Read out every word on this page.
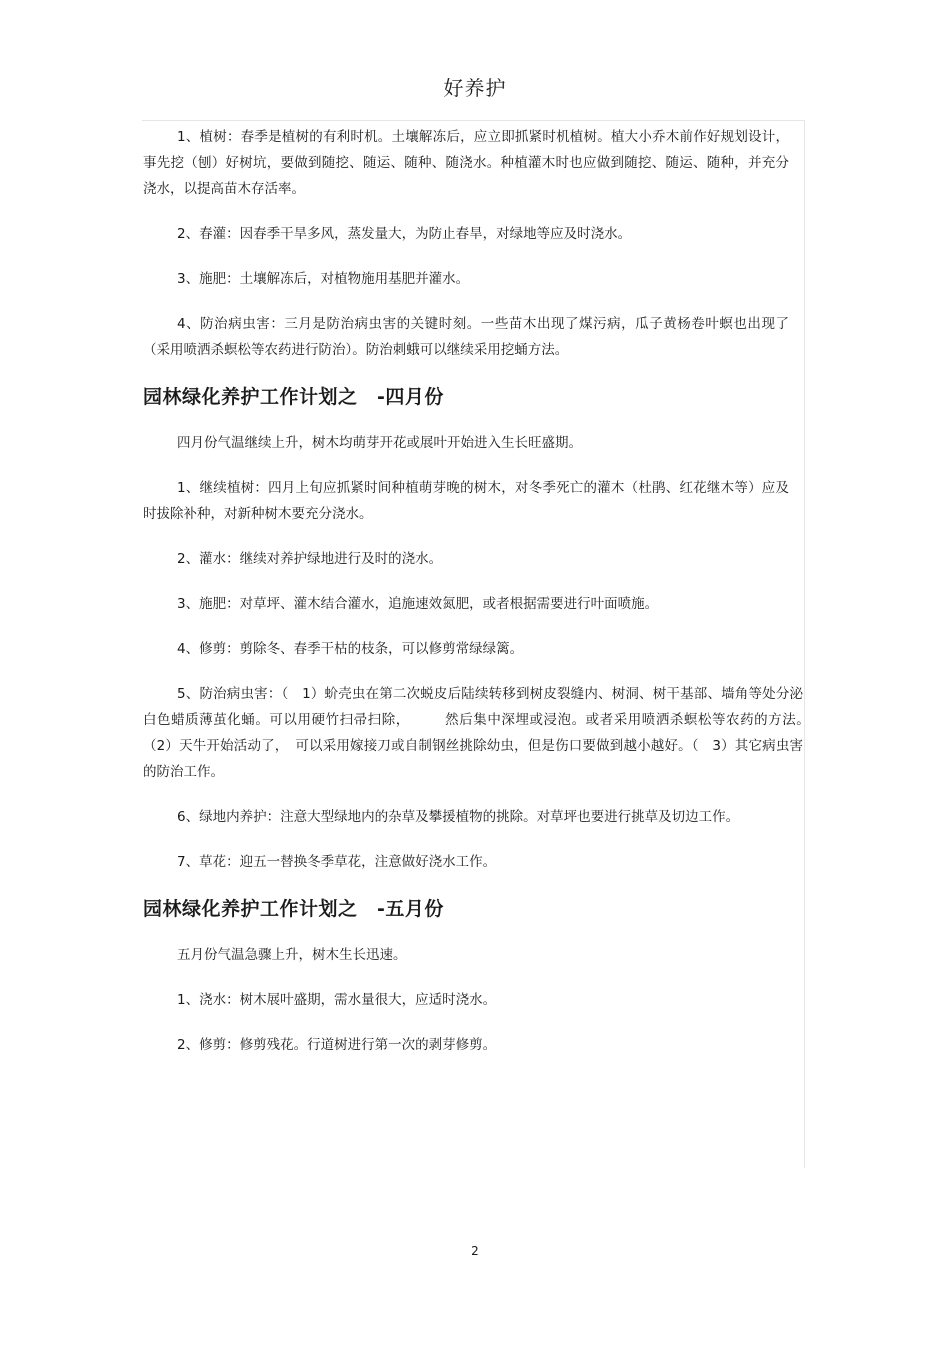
好养护

1、植树：春季是植树的有利时机。土壤解冻后，应立即抓紧时机植树。植大小乔木前作好规划设计，事先挖（刨）好树坑，要做到随挖、随运、随种、随浇水。种植灌木时也应做到随挖、随运、随种，并充分浇水，以提高苗木存活率。

2、春灌：因春季干旱多风，蒸发量大，为防止春旱，对绿地等应及时浇水。

3、施肥：土壤解冻后，对植物施用基肥并灌水。

4、防治病虫害：三月是防治病虫害的关键时刻。一些苗木出现了煤污病，瓜子黄杨卷叶螟也出现了（采用喷洒杀螟松等农药进行防治）。防治刺蛾可以继续采用挖蛹方法。

园林绿化养护工作计划之　-四月份

四月份气温继续上升，树木均萌芽开花或展叶开始进入生长旺盛期。

1、继续植树：四月上旬应抓紧时间种植萌芽晚的树木，对冬季死亡的灌木（杜鹃、红花继木等）应及时拔除补种，对新种树木要充分浇水。

2、灌水：继续对养护绿地进行及时的浇水。

3、施肥：对草坪、灌木结合灌水，追施速效氮肥，或者根据需要进行叶面喷施。

4、修剪：剪除冬、春季干枯的枝条，可以修剪常绿绿篱。

5、防治病虫害：（　1）蚧壳虫在第二次蜕皮后陆续转移到树皮裂缝内、树洞、树干基部、墙角等处分泌白色蜡质薄茧化蛹。可以用硬竹扫帚扫除，　　　然后集中深埋或浸泡。或者采用喷洒杀螟松等农药的方法。　（2）天牛开始活动了，　可以采用嫁接刀或自制钢丝挑除幼虫，但是伤口要做到越小越好。（　3）其它病虫害的防治工作。

6、绿地内养护：注意大型绿地内的杂草及攀援植物的挑除。对草坪也要进行挑草及切边工作。

7、草花：迎五一替换冬季草花，注意做好浇水工作。

园林绿化养护工作计划之　-五月份

五月份气温急骤上升，树木生长迅速。

1、浇水：树木展叶盛期，需水量很大，应适时浇水。

2、修剪：修剪残花。行道树进行第一次的剥芽修剪。

2
